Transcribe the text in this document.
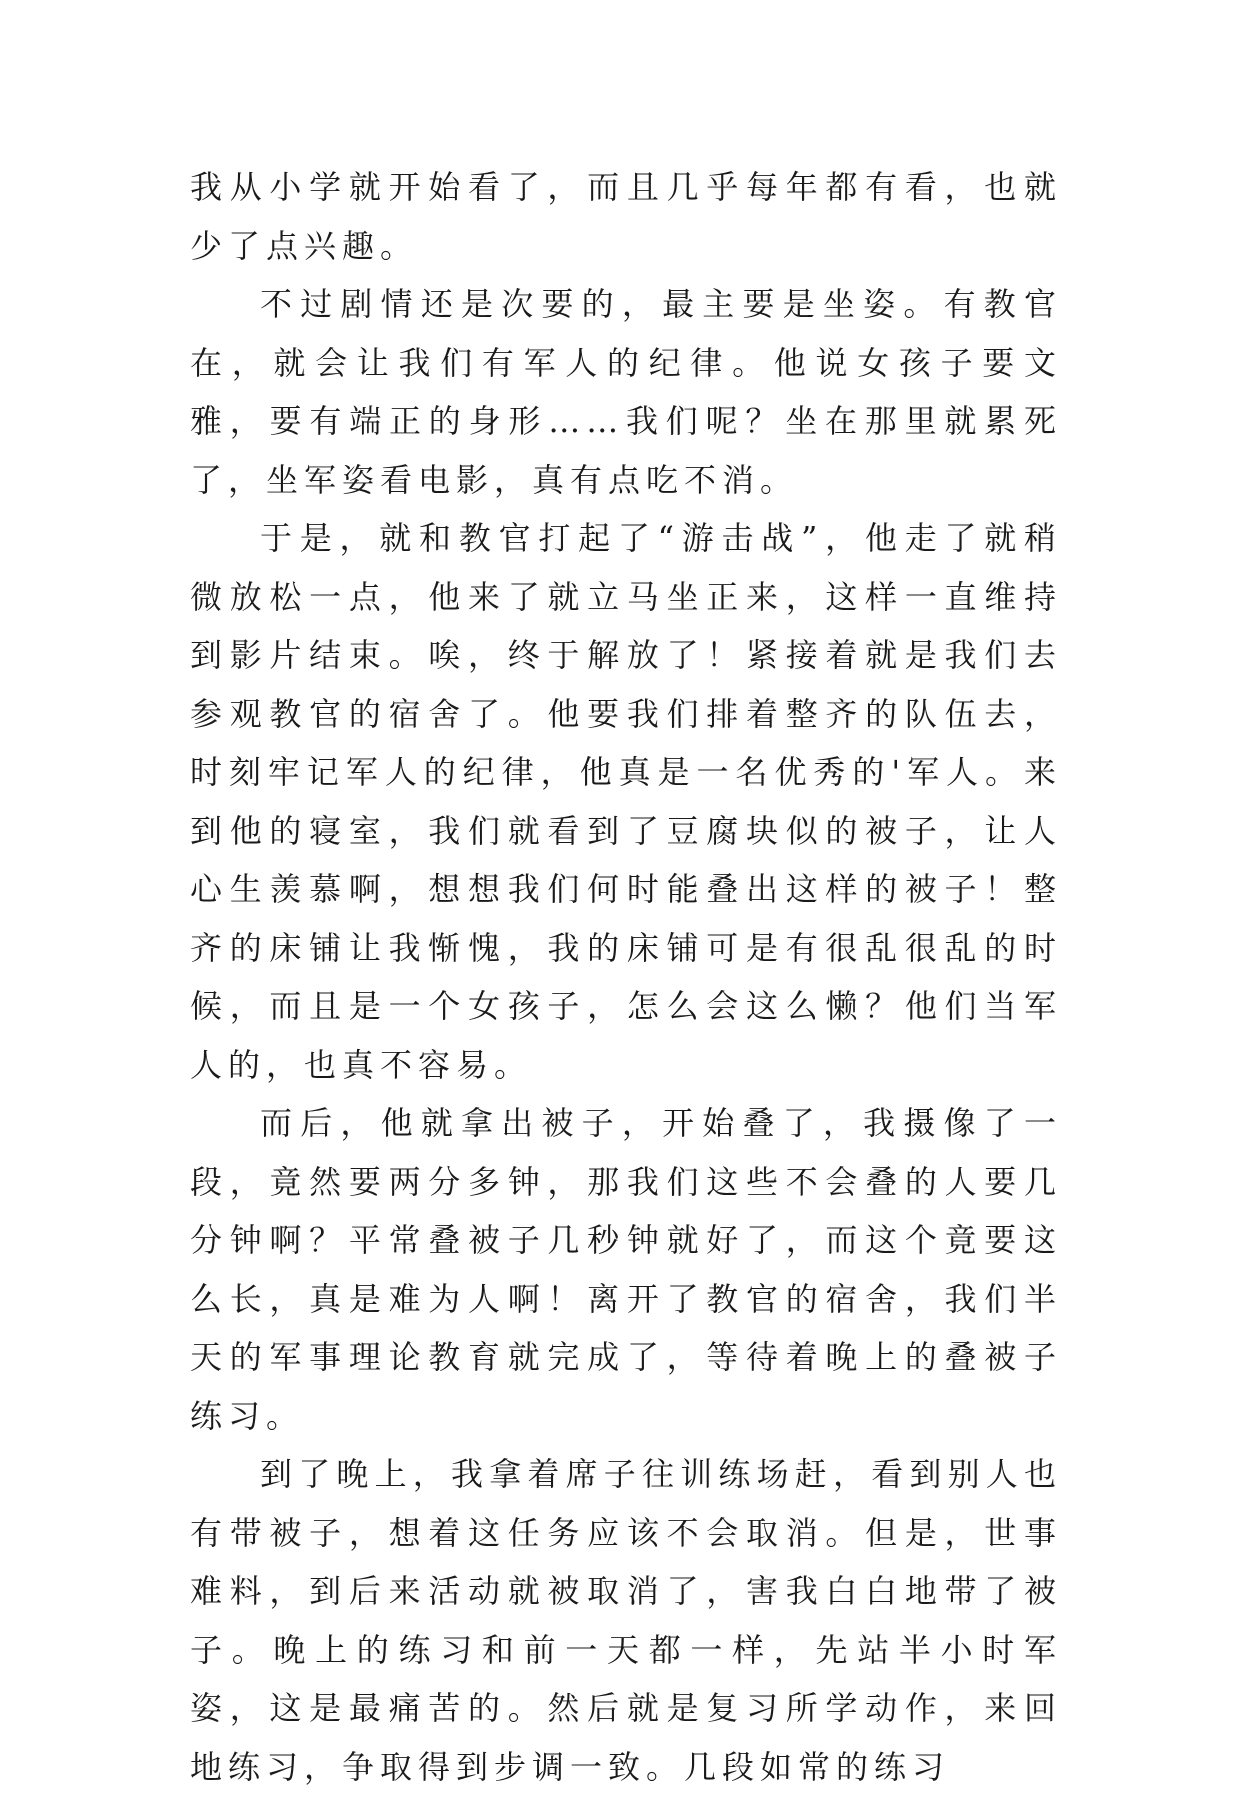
我从小学就开始看了，而且几乎每年都有看，也就少了点兴趣。

不过剧情还是次要的，最主要是坐姿。有教官在，就会让我们有军人的纪律。他说女孩子要文雅，要有端正的身形……我们呢？坐在那里就累死了，坐军姿看电影，真有点吃不消。

于是，就和教官打起了“游击战”，他走了就稍微放松一点，他来了就立马坐正来，这样一直维持到影片结束。唉，终于解放了！紧接着就是我们去参观教官的宿舍了。他要我们排着整齐的队伍去，时刻牢记军人的纪律，他真是一名优秀的'军人。来到他的寝室，我们就看到了豆腐块似的被子，让人心生羡慕啊，想想我们何时能叠出这样的被子！整齐的床铺让我惭愧，我的床铺可是有很乱很乱的时候，而且是一个女孩子，怎么会这么懒？他们当军人的，也真不容易。

而后，他就拿出被子，开始叠了，我摄像了一段，竟然要两分多钟，那我们这些不会叠的人要几分钟啊？平常叠被子几秒钟就好了，而这个竟要这么长，真是难为人啊！离开了教官的宿舍，我们半天的军事理论教育就完成了，等待着晚上的叠被子练习。

到了晚上，我拿着席子往训练场赶，看到别人也有带被子，想着这任务应该不会取消。但是，世事难料，到后来活动就被取消了，害我白白地带了被子。晚上的练习和前一天都一样，先站半小时军姿，这是最痛苦的。然后就是复习所学动作，来回地练习，争取得到步调一致。几段如常的练习
